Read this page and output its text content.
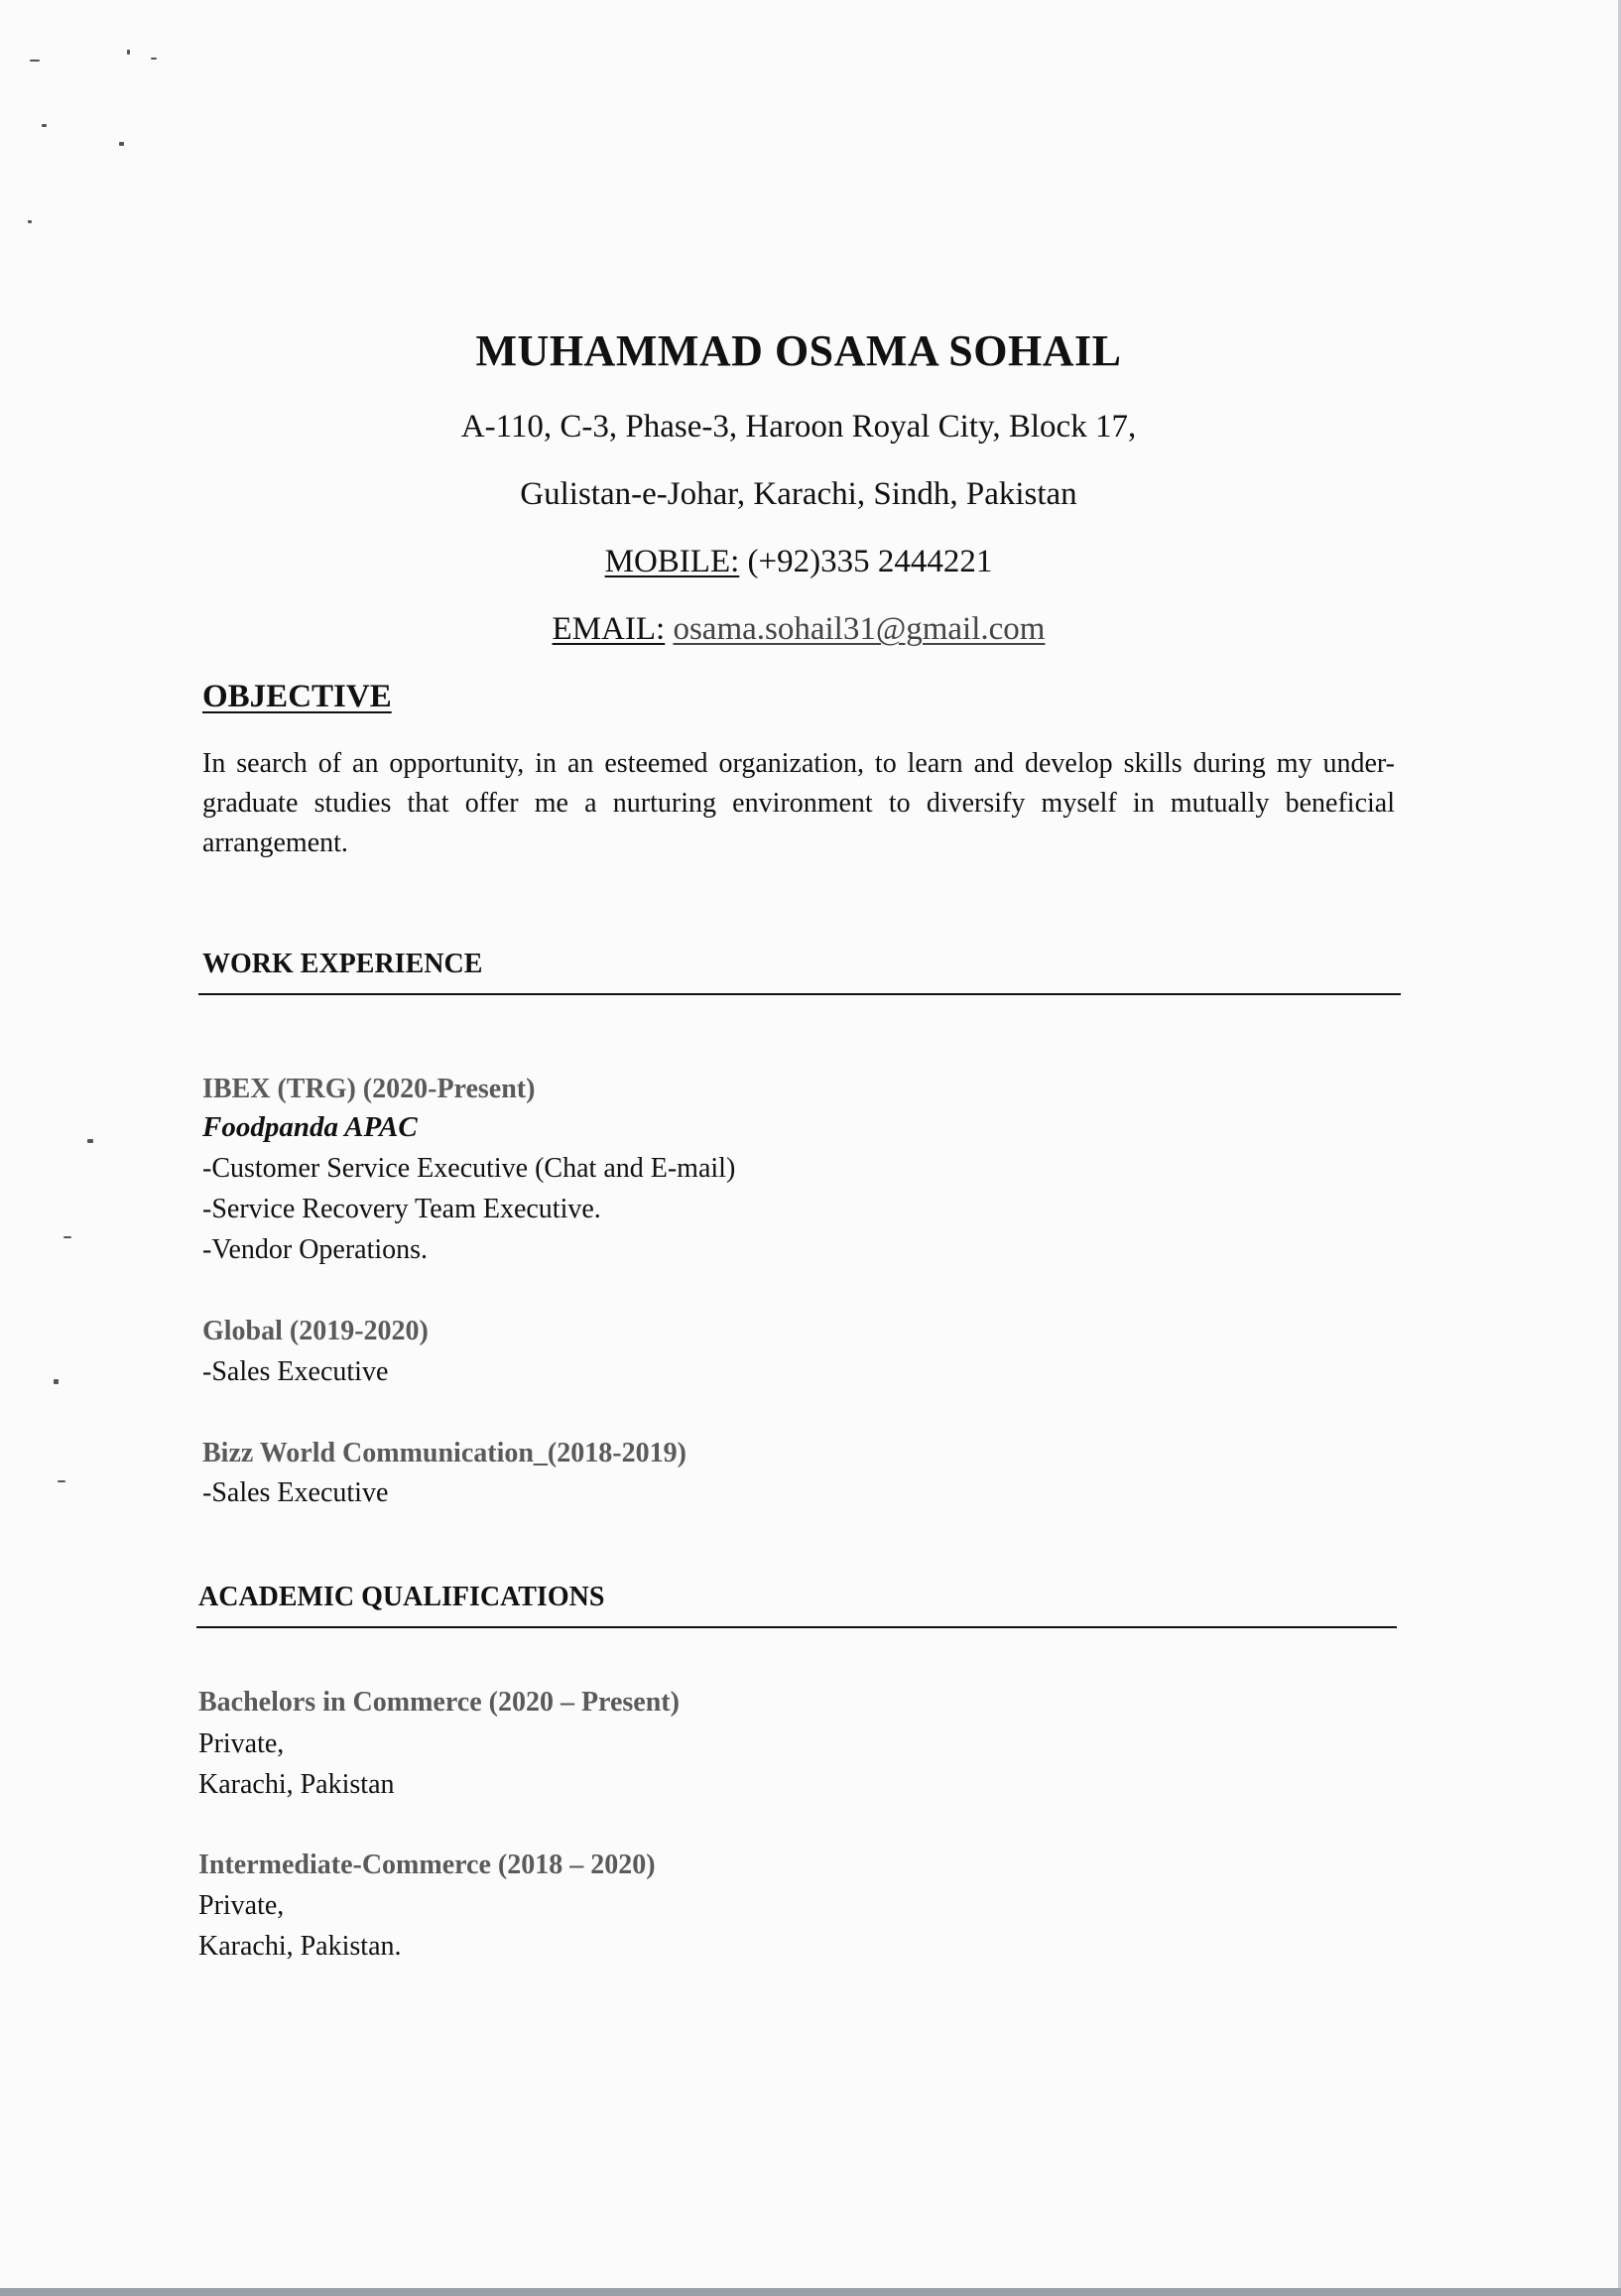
MUHAMMAD OSAMA SOHAIL
A-110, C-3, Phase-3, Haroon Royal City, Block 17,
Gulistan-e-Johar, Karachi, Sindh, Pakistan
MOBILE: (+92)335 2444221
EMAIL: osama.sohail31@gmail.com
OBJECTIVE
In search of an opportunity, in an esteemed organization, to learn and develop skills during my under-graduate studies that offer me a nurturing environment to diversify myself in mutually beneficial arrangement.
WORK EXPERIENCE
IBEX (TRG) (2020-Present)
Foodpanda APAC
-Customer Service Executive (Chat and E-mail)
-Service Recovery Team Executive.
-Vendor Operations.
Global (2019-2020)
-Sales Executive
Bizz World Communication_(2018-2019)
-Sales Executive
ACADEMIC QUALIFICATIONS
Bachelors in Commerce (2020 – Present)
Private,
Karachi, Pakistan
Intermediate-Commerce (2018 – 2020)
Private,
Karachi, Pakistan.
